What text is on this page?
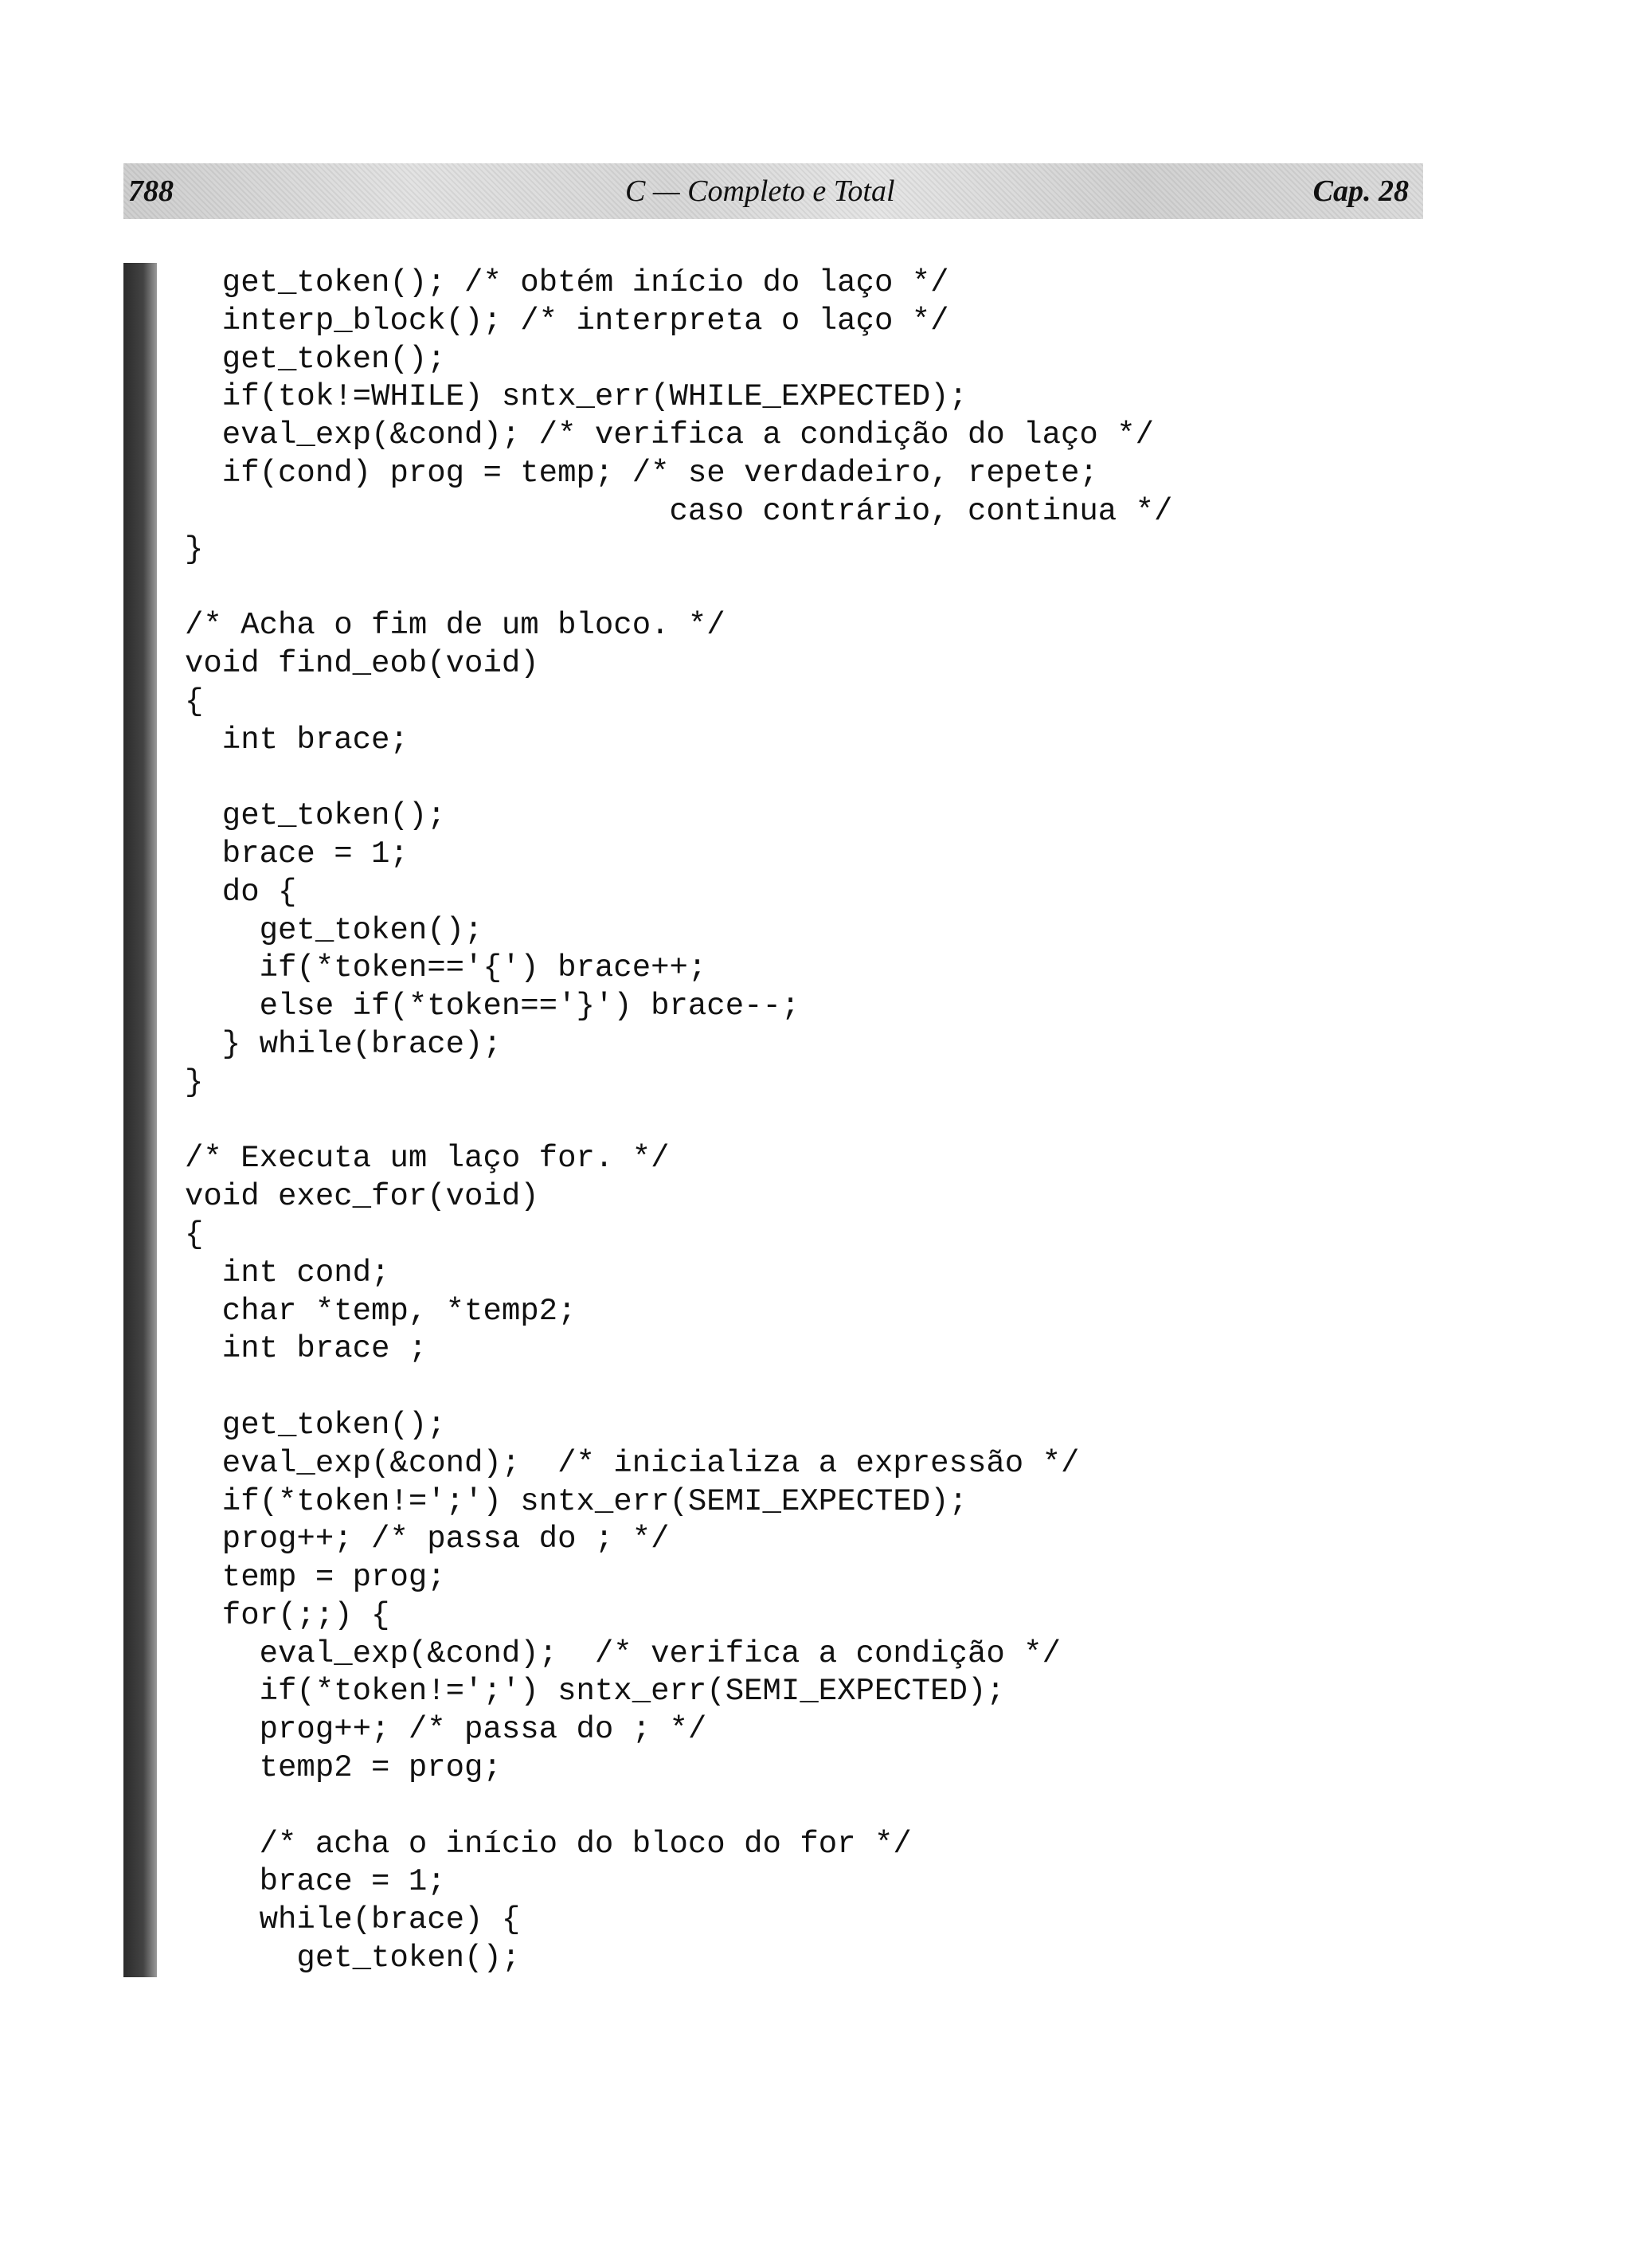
788	C — Completo e Total	Cap. 28
get_token(); /* obtém início do laço */
interp_block(); /* interpreta o laço */
get_token();
if(tok!=WHILE) sntx_err(WHILE_EXPECTED);
eval_exp(&cond); /* verifica a condição do laço */
if(cond) prog = temp; /* se verdadeiro, repete;
caso contrário, continua */
}
/* Acha o fim de um bloco. */
void find_eob(void)
{
int brace;
get_token();
brace = 1;
do {
get_token();
if(*token=='{') brace++;
else if(*token=='}') brace--;
} while(brace);
}
/* Executa um laço for. */
void exec_for(void)
{
int cond;
char *temp, *temp2;
int brace ;
get_token();
eval_exp(&cond);  /* inicializa a expressão */
if(*token!=';') sntx_err(SEMI_EXPECTED);
prog++; /* passa do ; */
temp = prog;
for(;;) {
eval_exp(&cond);  /* verifica a condição */
if(*token!=';') sntx_err(SEMI_EXPECTED);
prog++; /* passa do ; */
temp2 = prog;
/* acha o início do bloco do for */
brace = 1;
while(brace) {
get_token();
